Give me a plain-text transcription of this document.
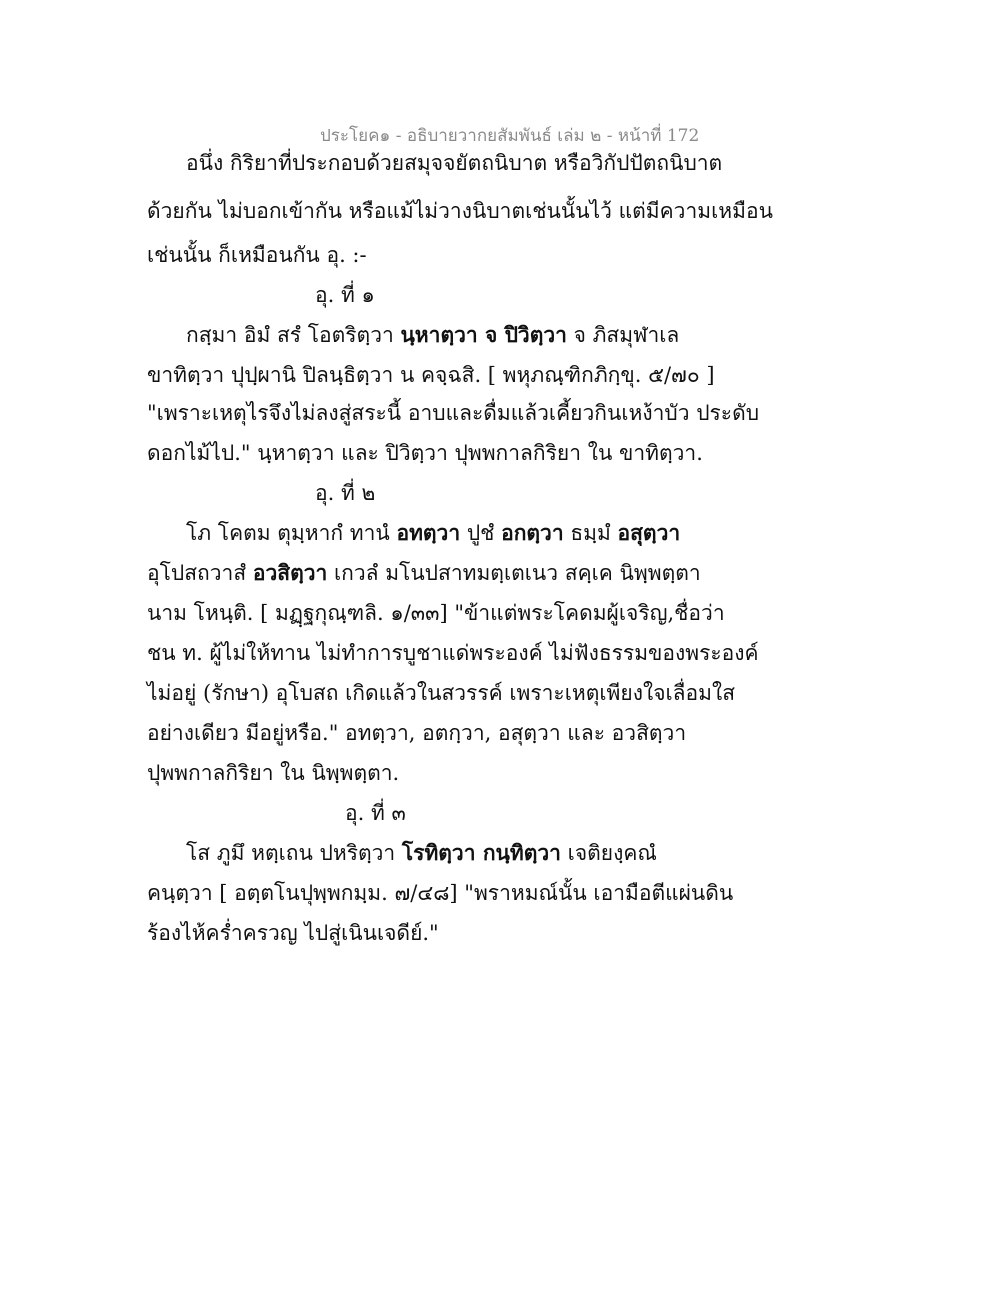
ประโยค๑ - อธิบายวากยสัมพันธ์ เล่ม ๒ - หน้าที่ 172
อนึ่ง กิริยาที่ประกอบด้วยสมุจจยัตถนิบาต หรือวิกัปปัตถนิบาต
ด้วยกัน ไม่บอกเข้ากัน หรือแม้ไม่วางนิบาตเช่นนั้นไว้ แต่มีความเหมือน
เช่นนั้น ก็เหมือนกัน อุ. :-
อุ. ที่ ๑
กสฺมา อิมํ สรํ โอตริตฺวา นฺหาตฺวา จ ปิวิตฺวา จ ภิสมุฬาเล
ขาทิตฺวา ปุปฺผานิ ปิลนฺธิตฺวา น คจฺฉสิ. [ พหุภณฺฑิกภิกฺขุ. ๕/๗๐ ]
"เพราะเหตุไรจึงไม่ลงสู่สระนี้ อาบและดื่มแล้วเคี้ยวกินเหง้าบัว ประดับ
ดอกไม้ไป." นฺหาตฺวา และ ปิวิตฺวา ปุพพกาลกิริยา ใน ขาทิตฺวา.
อุ. ที่ ๒
โภ โคตม ตุมฺหากํ ทานํ อทตฺวา ปูชํ อกตฺวา ธมฺมํ อสุตฺวา
อุโปสถวาสํ อวสิตฺวา เกวลํ มโนปสาทมตฺเตเนว สคฺเค นิพฺพตฺตา
นาม โหนฺติ. [ มฏฺฐกุณฺฑลิ. ๑/๓๓] "ข้าแต่พระโคดมผู้เจริญ,ชื่อว่า
ชน ท. ผู้ไม่ให้ทาน ไม่ทำการบูชาแด่พระองค์ ไม่ฟังธรรมของพระองค์
ไม่อยู่ (รักษา) อุโบสถ เกิดแล้วในสวรรค์ เพราะเหตุเพียงใจเลื่อมใส
อย่างเดียว มีอยู่หรือ." อทตฺวา, อตกฺวา, อสุตฺวา และ อวสิตฺวา
ปุพพกาลกิริยา ใน นิพฺพตฺตา.
อุ. ที่ ๓
โส ภูมึ หตฺเถน ปหริตฺวา โรทิตฺวา กนฺทิตฺวา เจติยงฺคณํ
คนฺตฺวา [ อตฺตโนปุพฺพกมฺม. ๗/๔๘] "พราหมณ์นั้น เอามือตีแผ่นดิน
ร้องไห้คร่ำครวญ ไปสู่เนินเจดีย์."
